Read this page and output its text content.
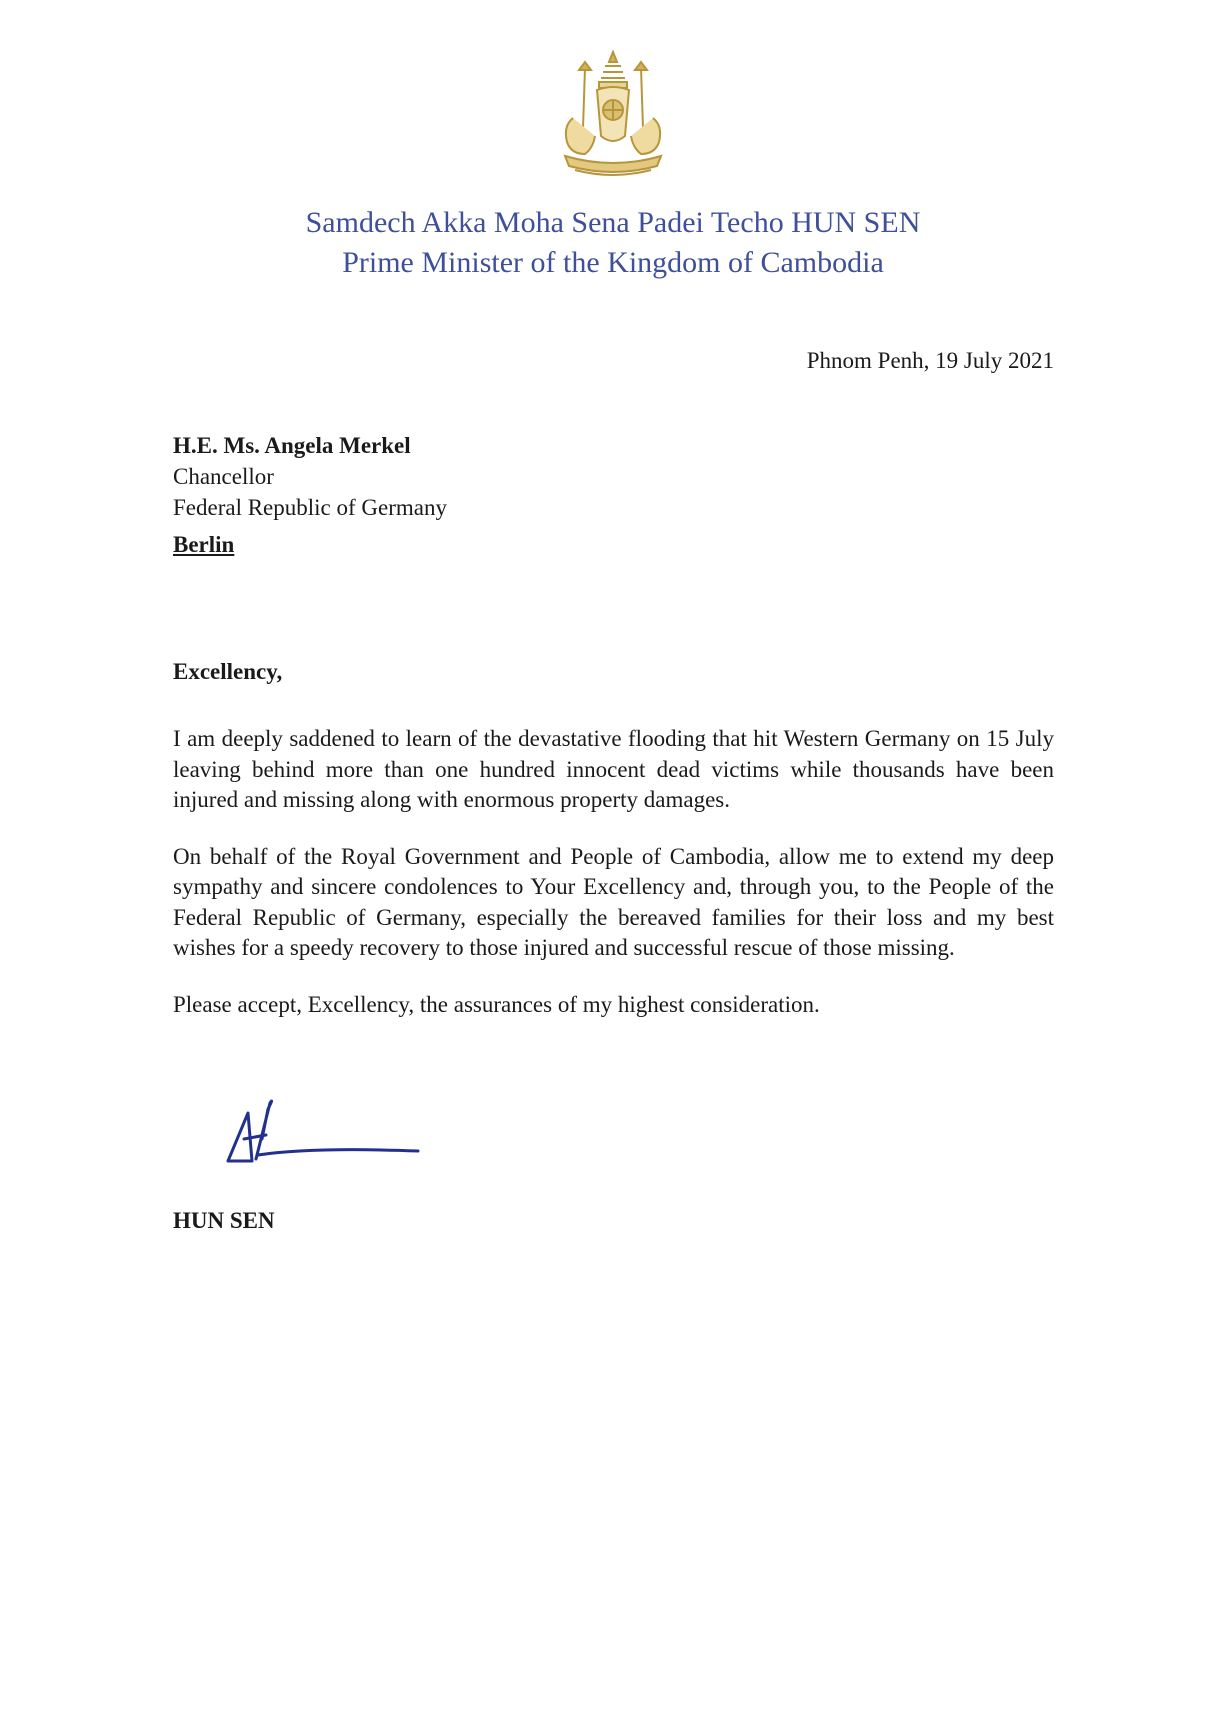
Samdech Akka Moha Sena Padei Techo HUN SEN
Prime Minister of the Kingdom of Cambodia
Phnom Penh, 19 July 2021
H.E. Ms. Angela Merkel
Chancellor
Federal Republic of Germany
Berlin
Excellency,

I am deeply saddened to learn of the devastative flooding that hit Western Germany on 15 July leaving behind more than one hundred innocent dead victims while thousands have been injured and missing along with enormous property damages.

On behalf of the Royal Government and People of Cambodia, allow me to extend my deep sympathy and sincere condolences to Your Excellency and, through you, to the People of the Federal Republic of Germany, especially the bereaved families for their loss and my best wishes for a speedy recovery to those injured and successful rescue of those missing.

Please accept, Excellency, the assurances of my highest consideration.

HUN SEN
